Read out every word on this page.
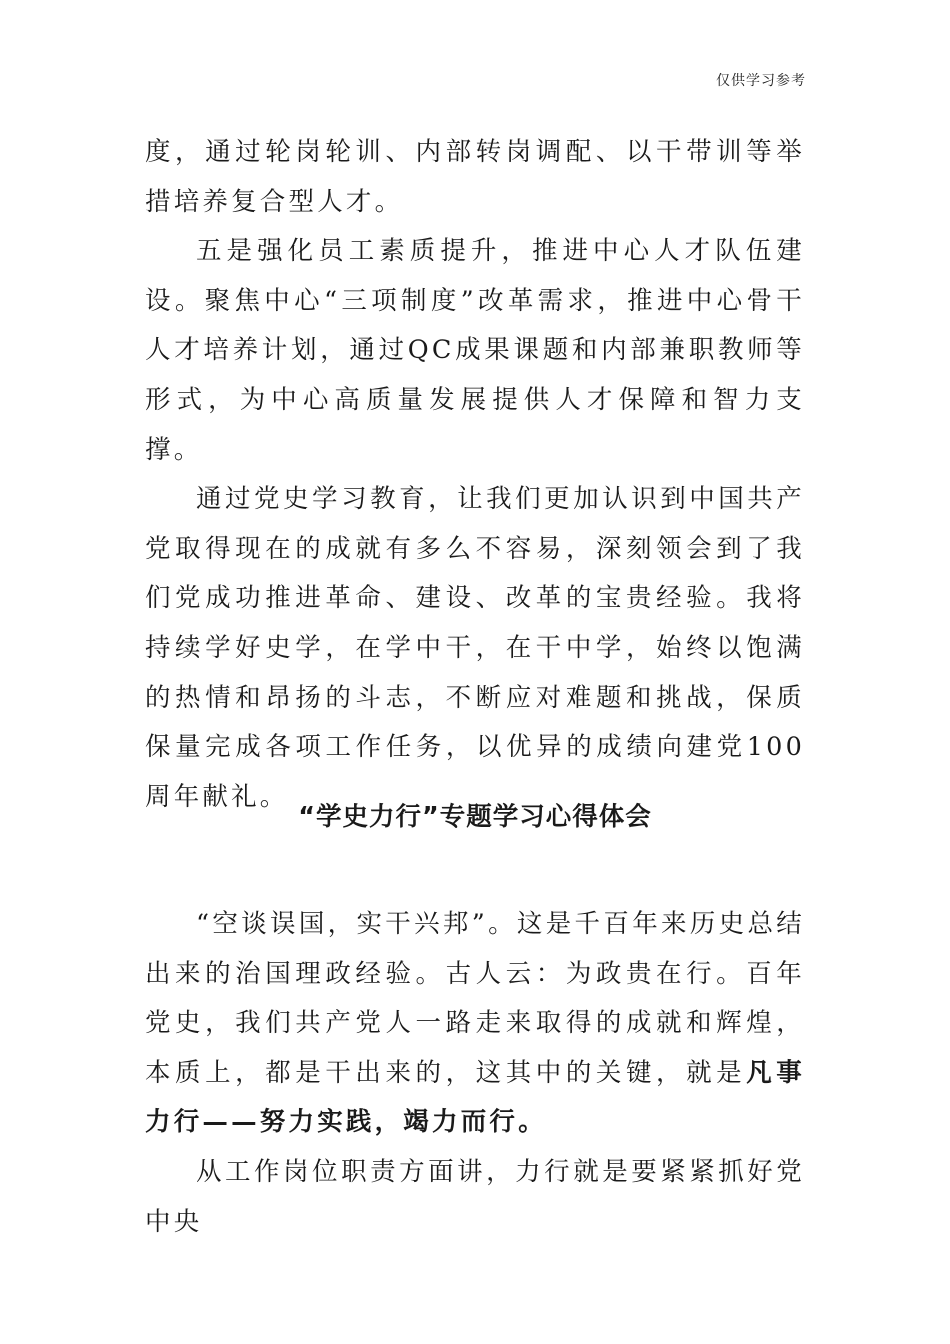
仅供学习参考

度，通过轮岗轮训、内部转岗调配、以干带训等举措培养复合型人才。

五是强化员工素质提升，推进中心人才队伍建设。聚焦中心“三项制度”改革需求，推进中心骨干人才培养计划，通过QC成果课题和内部兼职教师等形式，为中心高质量发展提供人才保障和智力支撑。

通过党史学习教育，让我们更加认识到中国共产党取得现在的成就有多么不容易，深刻领会到了我们党成功推进革命、建设、改革的宝贵经验。我将持续学好史学，在学中干，在干中学，始终以饱满的热情和昂扬的斗志，不断应对难题和挑战，保质保量完成各项工作任务，以优异的成绩向建党100周年献礼。

“学史力行”专题学习心得体会

“空谈误国，实干兴邦”。这是千百年来历史总结出来的治国理政经验。古人云：为政贵在行。百年党史，我们共产党人一路走来取得的成就和辉煌，本质上，都是干出来的，这其中的关键，就是凡事力行——努力实践，竭力而行。

从工作岗位职责方面讲，力行就是要紧紧抓好党中央
